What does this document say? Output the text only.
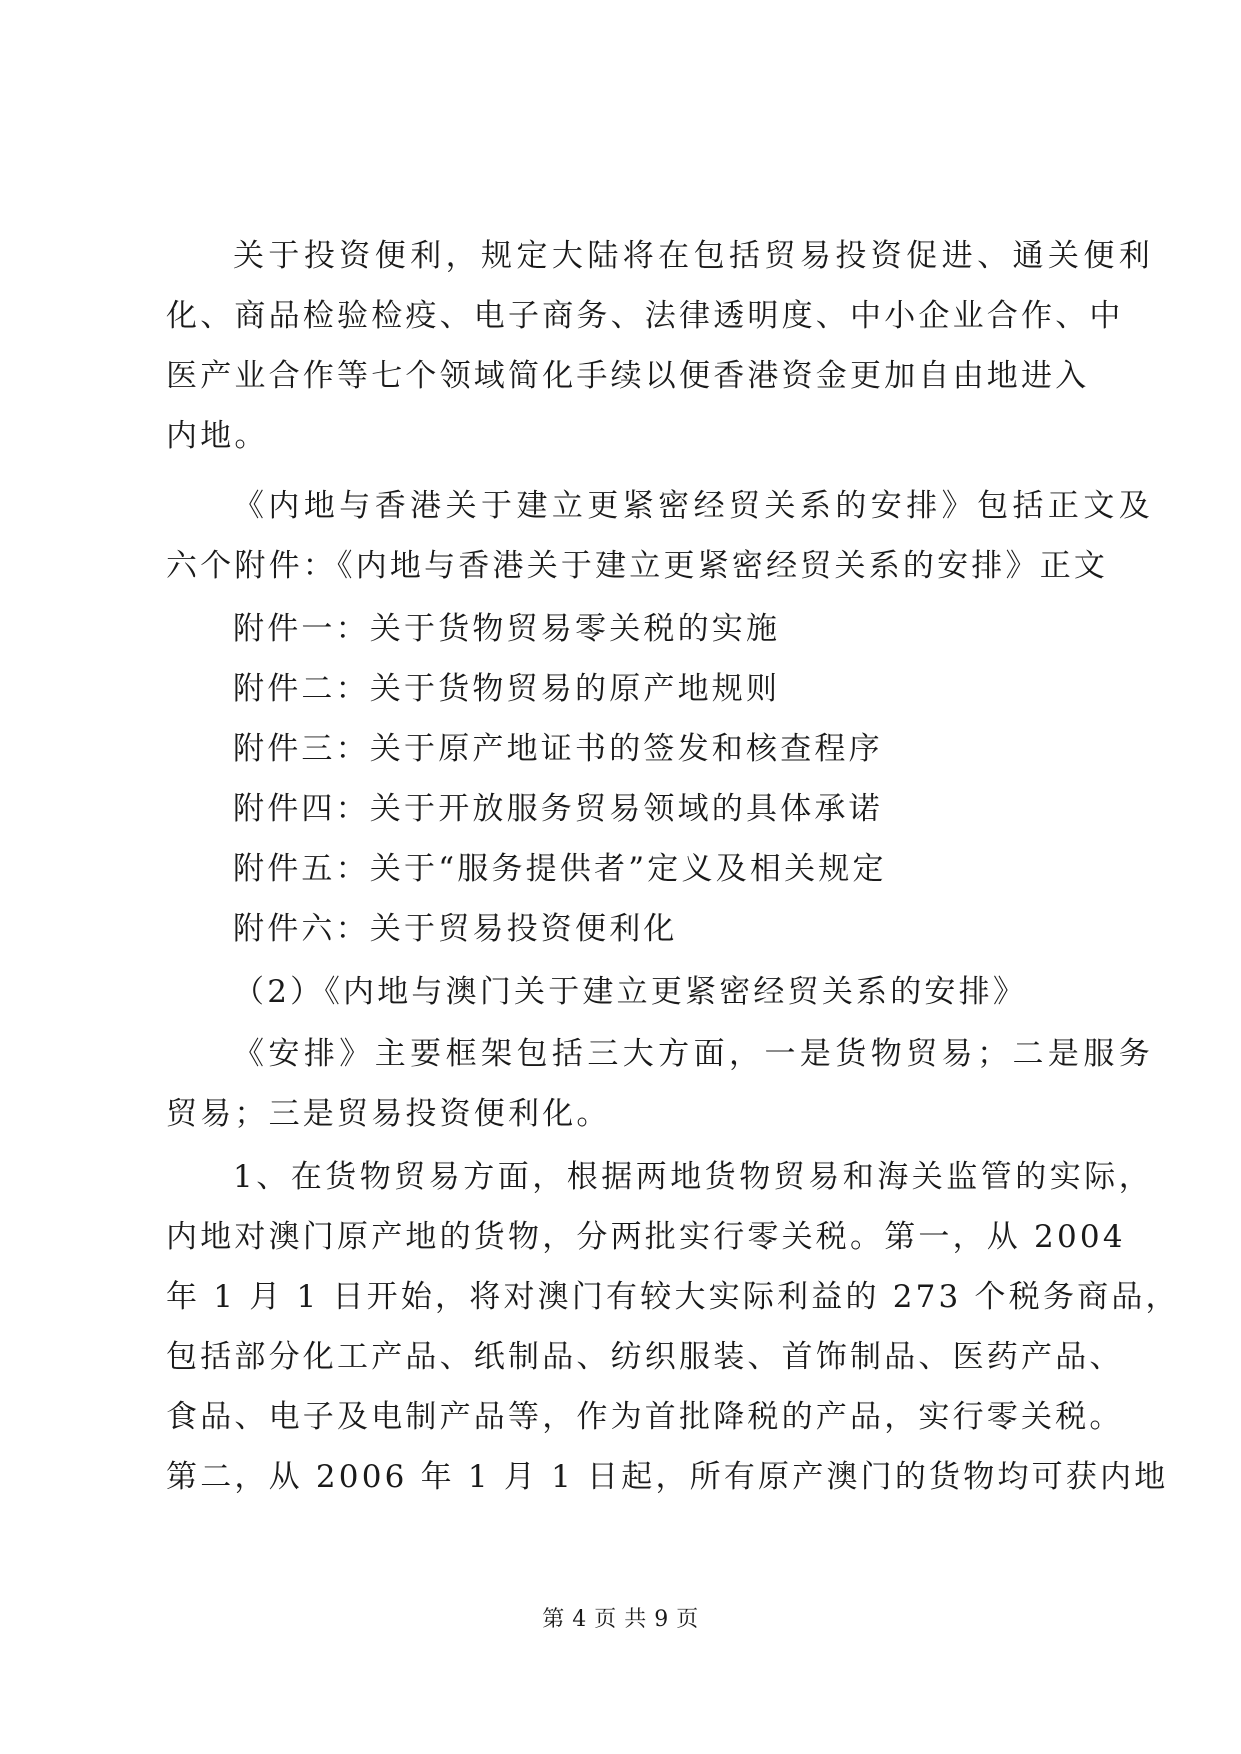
关于投资便利，规定大陆将在包括贸易投资促进、通关便利
化、商品检验检疫、电子商务、法律透明度、中小企业合作、中
医产业合作等七个领域简化手续以便香港资金更加自由地进入
内地。
《内地与香港关于建立更紧密经贸关系的安排》包括正文及
六个附件：《内地与香港关于建立更紧密经贸关系的安排》正文
附件一：关于货物贸易零关税的实施
附件二：关于货物贸易的原产地规则
附件三：关于原产地证书的签发和核查程序
附件四：关于开放服务贸易领域的具体承诺
附件五：关于“服务提供者”定义及相关规定
附件六：关于贸易投资便利化
（2）《内地与澳门关于建立更紧密经贸关系的安排》
《安排》主要框架包括三大方面，一是货物贸易；二是服务
贸易；三是贸易投资便利化。
1、在货物贸易方面，根据两地货物贸易和海关监管的实际，
内地对澳门原产地的货物，分两批实行零关税。第一，从 2004
年 1 月 1 日开始，将对澳门有较大实际利益的 273 个税务商品，
包括部分化工产品、纸制品、纺织服装、首饰制品、医药产品、
食品、电子及电制产品等，作为首批降税的产品，实行零关税。
第二，从 2006 年 1 月 1 日起，所有原产澳门的货物均可获内地
第 4 页 共 9 页
